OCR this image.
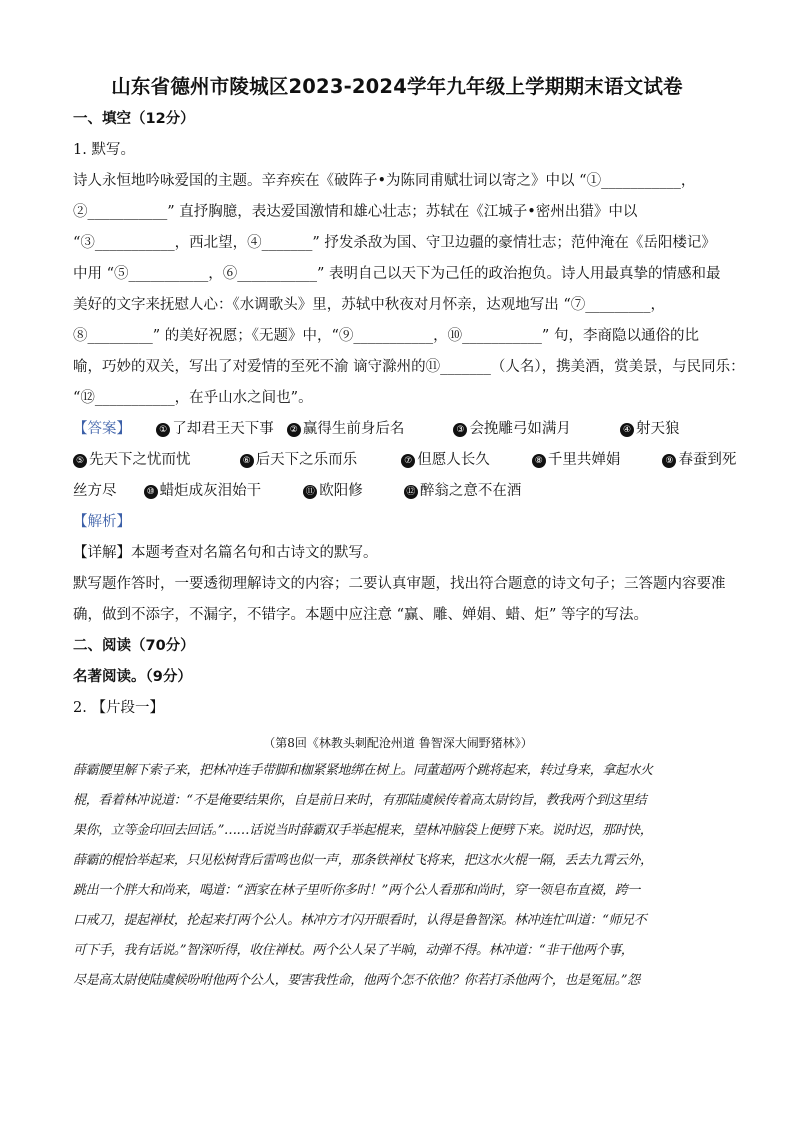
山东省德州市陵城区2023-2024学年九年级上学期期末语文试卷
一、填空（12分）
1. 默写。
诗人永恒地吟咏爱国的主题。辛弃疾在《破阵子•为陈同甫赋壮词以寄之》中以 “①___________，
②___________” 直抒胸臆，表达爱国激情和雄心壮志；苏轼在《江城子•密州出猎》中以
“③___________，西北望，④_______” 抒发杀敌为国、守卫边疆的豪情壮志；范仲淹在《岳阳楼记》
中用 “⑤___________，⑥___________” 表明自己以天下为己任的政治抱负。诗人用最真挚的情感和最
美好的文字来抚慰人心：《水调歌头》里，苏轼中秋夜对月怀亲，达观地写出 “⑦_________，
⑧_________” 的美好祝愿；《无题》中，“⑨___________，⑩___________” 句，李商隐以通俗的比
喻，巧妙的双关，写出了对爱情的至死不渝 谪守滁州的⑪_______（人名），携美酒，赏美景，与民同乐：
“⑫___________，在乎山水之间也”。
【答案】	① 了却君王天下事 ② 赢得生前身后名	③ 会挽雕弓如满月	④ 射天狼
⑤ 先天下之忧而忧	⑥ 后天下之乐而乐	⑦ 但愿人长久	⑧ 千里共婵娟	⑨ 春蚕到死
丝方尽	⑩ 蜡炬成灰泪始干	⑪ 欧阳修	⑫ 醉翁之意不在酒
【解析】
【详解】本题考查对名篇名句和古诗文的默写。
默写题作答时，一要透彻理解诗文的内容；二要认真审题，找出符合题意的诗文句子；三答题内容要准
确，做到不添字，不漏字，不错字。本题中应注意 “赢、雕、婵娟、蜡、炬” 等字的写法。
二、阅读（70分）
名著阅读。（9分）
2. 【片段一】
（第8回《林教头刺配沧州道 鲁智深大闹野猪林》）
薛霸腰里解下索子来，把林冲连手带脚和枷紧紧地绑在树上。同董超两个跳将起来，转过身来，拿起水火
棍，看着林冲说道：“不是俺要结果你，自是前日来时，有那陆虞候传着高太尉钧旨，教我两个到这里结
果你，立等金印回去回话。”……话说当时薛霸双手举起棍来，望林冲脑袋上便劈下来。说时迟，那时快，
薛霸的棍恰举起来，只见松树背后雷鸣也似一声，那条铁禅杖飞将来，把这水火棍一隔，丢去九霄云外，
跳出一个胖大和尚来，喝道：“洒家在林子里听你多时！”两个公人看那和尚时，穿一领皂布直裰，跨一
口戒刀，提起禅杖，抡起来打两个公人。林冲方才闪开眼看时，认得是鲁智深。林冲连忙叫道：“师兄不
可下手，我有话说。”智深听得，收住禅杖。两个公人呆了半晌，动弹不得。林冲道：“非干他两个事，
尽是高太尉使陆虞候吩咐他两个公人，要害我性命，他两个怎不依他？你若打杀他两个，也是冤屈。”怨
